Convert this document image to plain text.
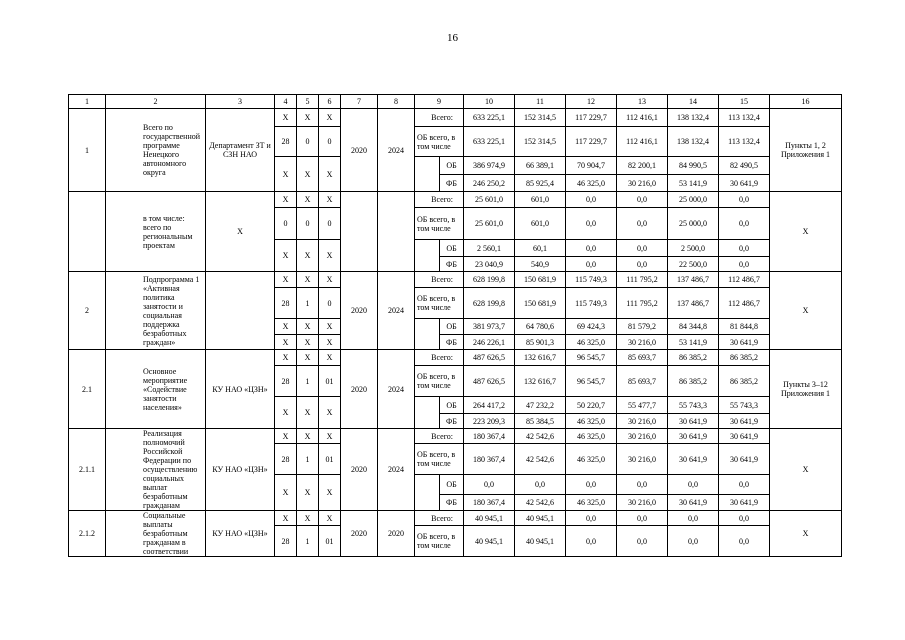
16
1	2	3	4	5	6	7	8	9		10	11	12	13	14	15	16
1	Всего по государственной программе Ненецкого автономного округа	Департамент ЗТ и СЗН НАО	X	X	X	2020	2024	Всего:		633 225,1	152 314,5	117 229,7	112 416,1	138 132,4	113 132,4	Пункты 1, 2 Приложения 1
			28	0	0			ОБ всего, в том числе		633 225,1	152 314,5	117 229,7	112 416,1	138 132,4	113 132,4	
			X	X	X				ОБ	386 974,9	66 389,1	70 904,7	82 200,1	84 990,5	82 490,5	
									ФБ	246 250,2	85 925,4	46 325,0	30 216,0	53 141,9	30 641,9	
	в том числе: всего по региональным проектам	X	X	X	X			Всего:		25 601,0	601,0	0,0	0,0	25 000,0	0,0	X
			0	0	0			ОБ всего, в том числе		25 601,0	601,0	0,0	0,0	25 000,0	0,0	
			X	X	X				ОБ	2 560,1	60,1	0,0	0,0	2 500,0	0,0	
									ФБ	23 040,9	540,9	0,0	0,0	22 500,0	0,0	
2	Подпрограмма 1 «Активная политика занятости и социальная поддержка безработных граждан»		X	X	X	2020	2024	Всего:		628 199,8	150 681,9	115 749,3	111 795,2	137 486,7	112 486,7	X
			28	1	0			ОБ всего, в том числе		628 199,8	150 681,9	115 749,3	111 795,2	137 486,7	112 486,7	
			X	X	X				ОБ	381 973,7	64 780,6	69 424,3	81 579,2	84 344,8	81 844,8	
			X	X	X				ФБ	246 226,1	85 901,3	46 325,0	30 216,0	53 141,9	30 641,9	
2.1	Основное мероприятие «Содействие занятости населения»	КУ НАО «ЦЗН»	X	X	X	2020	2024	Всего:		487 626,5	132 616,7	96 545,7	85 693,7	86 385,2	86 385,2	Пункты 3–12 Приложения 1
			28	1	01			ОБ всего, в том числе		487 626,5	132 616,7	96 545,7	85 693,7	86 385,2	86 385,2	
			X	X	X				ОБ	264 417,2	47 232,2	50 220,7	55 477,7	55 743,3	55 743,3	
									ФБ	223 209,3	85 384,5	46 325,0	30 216,0	30 641,9	30 641,9	
2.1.1	Реализация полномочий Российской Федерации по осуществлению социальных выплат безработным гражданам	КУ НАО «ЦЗН»	X	X	X	2020	2024	Всего:		180 367,4	42 542,6	46 325,0	30 216,0	30 641,9	30 641,9	X
			28	1	01			ОБ всего, в том числе		180 367,4	42 542,6	46 325,0	30 216,0	30 641,9	30 641,9	
			X	X	X				ОБ	0,0	0,0	0,0	0,0	0,0	0,0	
									ФБ	180 367,4	42 542,6	46 325,0	30 216,0	30 641,9	30 641,9	
2.1.2	Социальные выплаты безработным гражданам в соответствии	КУ НАО «ЦЗН»	X	X	X	2020	2020	Всего:		40 945,1	40 945,1	0,0	0,0	0,0	0,0	X
			28	1	01			ОБ всего, в том числе		40 945,1	40 945,1	0,0	0,0	0,0	0,0	
